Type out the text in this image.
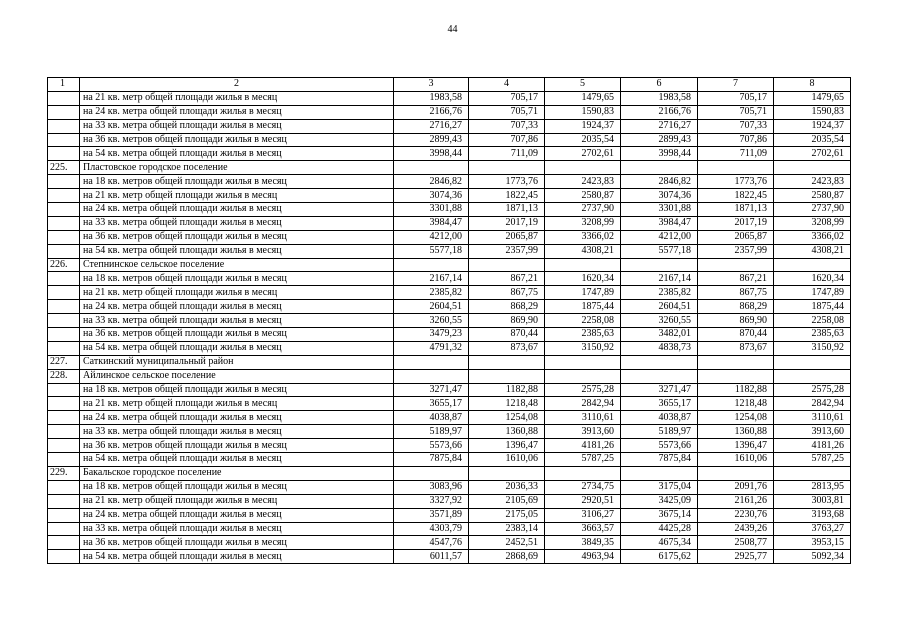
44
1	2	3	4	5	6	7	8
	на 21 кв. метр общей площади жилья в месяц	1983,58	705,17	1479,65	1983,58	705,17	1479,65
	на 24 кв. метра общей площади жилья в месяц	2166,76	705,71	1590,83	2166,76	705,71	1590,83
	на 33 кв. метра общей площади жилья в месяц	2716,27	707,33	1924,37	2716,27	707,33	1924,37
	на 36 кв. метров общей площади жилья в месяц	2899,43	707,86	2035,54	2899,43	707,86	2035,54
	на 54 кв. метра общей площади жилья в месяц	3998,44	711,09	2702,61	3998,44	711,09	2702,61
225.	Пластовское городское поселение						
	на 18 кв. метров общей площади жилья в месяц	2846,82	1773,76	2423,83	2846,82	1773,76	2423,83
	на 21 кв. метр общей площади жилья в месяц	3074,36	1822,45	2580,87	3074,36	1822,45	2580,87
	на 24 кв. метра общей площади жилья в месяц	3301,88	1871,13	2737,90	3301,88	1871,13	2737,90
	на 33 кв. метра общей площади жилья в месяц	3984,47	2017,19	3208,99	3984,47	2017,19	3208,99
	на 36 кв. метров общей площади жилья в месяц	4212,00	2065,87	3366,02	4212,00	2065,87	3366,02
	на 54 кв. метра общей площади жилья в месяц	5577,18	2357,99	4308,21	5577,18	2357,99	4308,21
226.	Степнинское сельское поселение						
	на 18 кв. метров общей площади жилья в месяц	2167,14	867,21	1620,34	2167,14	867,21	1620,34
	на 21 кв. метр общей площади жилья в месяц	2385,82	867,75	1747,89	2385,82	867,75	1747,89
	на 24 кв. метра общей площади жилья в месяц	2604,51	868,29	1875,44	2604,51	868,29	1875,44
	на 33 кв. метра общей площади жилья в месяц	3260,55	869,90	2258,08	3260,55	869,90	2258,08
	на 36 кв. метров общей площади жилья в месяц	3479,23	870,44	2385,63	3482,01	870,44	2385,63
	на 54 кв. метра общей площади жилья в месяц	4791,32	873,67	3150,92	4838,73	873,67	3150,92
227.	Саткинский муниципальный район						
228.	Айлинское сельское поселение						
	на 18 кв. метров общей площади жилья в месяц	3271,47	1182,88	2575,28	3271,47	1182,88	2575,28
	на 21 кв. метр общей площади жилья в месяц	3655,17	1218,48	2842,94	3655,17	1218,48	2842,94
	на 24 кв. метра общей площади жилья в месяц	4038,87	1254,08	3110,61	4038,87	1254,08	3110,61
	на 33 кв. метра общей площади жилья в месяц	5189,97	1360,88	3913,60	5189,97	1360,88	3913,60
	на 36 кв. метров общей площади жилья в месяц	5573,66	1396,47	4181,26	5573,66	1396,47	4181,26
	на 54 кв. метра общей площади жилья в месяц	7875,84	1610,06	5787,25	7875,84	1610,06	5787,25
229.	Бакальское городское поселение						
	на 18 кв. метров общей площади жилья в месяц	3083,96	2036,33	2734,75	3175,04	2091,76	2813,95
	на 21 кв. метр общей площади жилья в месяц	3327,92	2105,69	2920,51	3425,09	2161,26	3003,81
	на 24 кв. метра общей площади жилья в месяц	3571,89	2175,05	3106,27	3675,14	2230,76	3193,68
	на 33 кв. метра общей площади жилья в месяц	4303,79	2383,14	3663,57	4425,28	2439,26	3763,27
	на 36 кв. метров общей площади жилья в месяц	4547,76	2452,51	3849,35	4675,34	2508,77	3953,15
	на 54 кв. метра общей площади жилья в месяц	6011,57	2868,69	4963,94	6175,62	2925,77	5092,34
